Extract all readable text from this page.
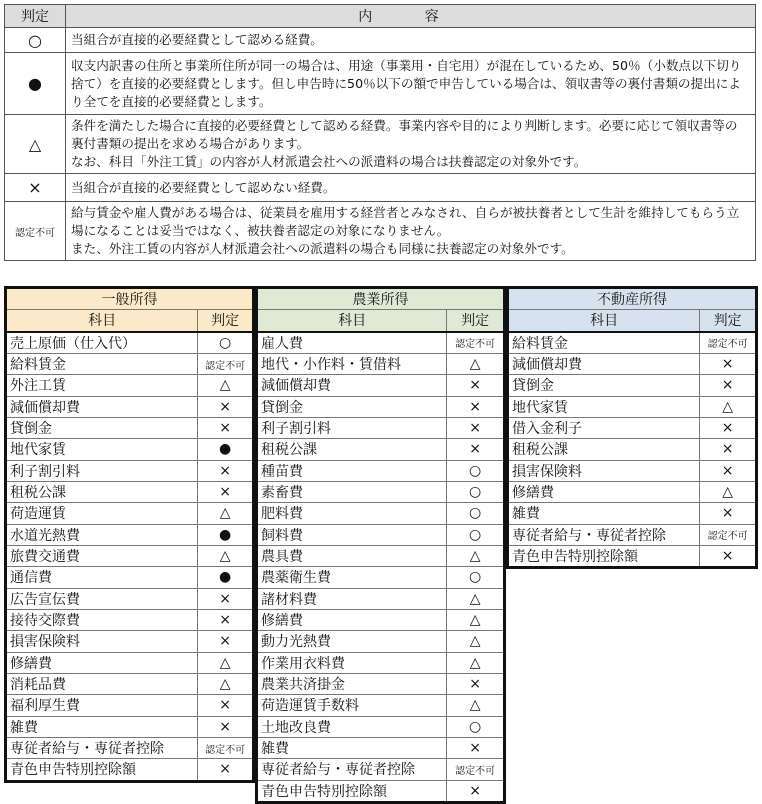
判定	内 容
○	当組合が直接的必要経費として認める経費。
●	収支内訳書の住所と事業所住所が同一の場合は、用途（事業用・自宅用）が混在しているため、50％（小数点以下切り捨て）を直接的必要経費とします。但し申告時に50％以下の額で申告している場合は、領収書等の裏付書類の提出により全てを直接的必要経費とします。
△	条件を満たした場合に直接的必要経費として認める経費。事業内容や目的により判断します。必要に応じて領収書等の裏付書類の提出を求める場合があります。
なお、科目「外注工賃」の内容が人材派遣会社への派遣料の場合は扶養認定の対象外です。
×	当組合が直接的必要経費として認めない経費。
認定不可	給与賃金や雇人費がある場合は、従業員を雇用する経営者とみなされ、自らが被扶養者として生計を維持してもらう立場になることは妥当ではなく、被扶養者認定の対象になりません。
また、外注工賃の内容が人材派遣会社への派遣料の場合も同様に扶養認定の対象外です。
一般所得	
科目	判定
売上原価（仕入代）	○
給料賃金	認定不可
外注工賃	△
減価償却費	×
貸倒金	×
地代家賃	●
利子割引料	×
租税公課	×
荷造運賃	△
水道光熱費	●
旅費交通費	△
通信費	●
広告宣伝費	×
接待交際費	×
損害保険料	×
修繕費	△
消耗品費	△
福利厚生費	×
雑費	×
専従者給与・専従者控除	認定不可
青色申告特別控除額	×
農業所得	
科目	判定
雇人費	認定不可
地代・小作料・賃借料	△
減価償却費	×
貸倒金	×
利子割引料	×
租税公課	×
種苗費	○
素畜費	○
肥料費	○
飼料費	○
農具費	△
農薬衛生費	○
諸材料費	△
修繕費	△
動力光熱費	△
作業用衣料費	△
農業共済掛金	×
荷造運賃手数料	△
土地改良費	○
雑費	×
専従者給与・専従者控除	認定不可
青色申告特別控除額	×
不動産所得	
科目	判定
給料賃金	認定不可
減価償却費	×
貸倒金	×
地代家賃	△
借入金利子	×
租税公課	×
損害保険料	×
修繕費	△
雑費	×
専従者給与・専従者控除	認定不可
青色申告特別控除額	×
